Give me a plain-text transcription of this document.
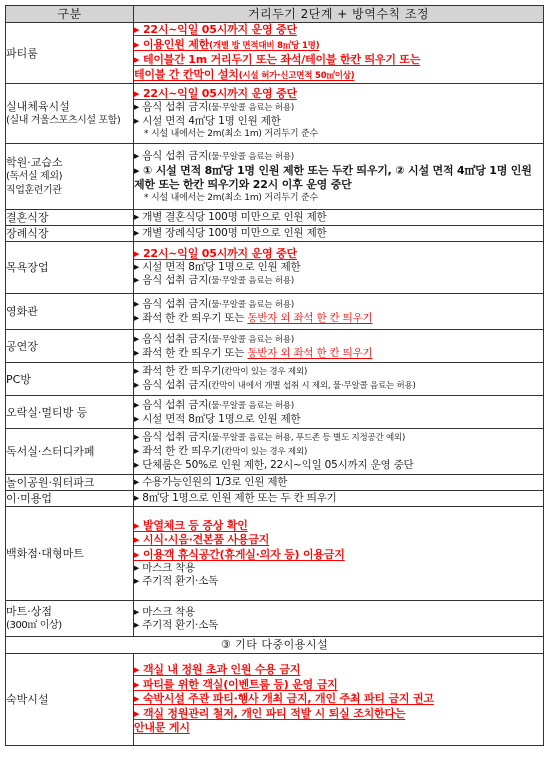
구분	거리두기 2단계 + 방역수칙 조정
파티룸	▸ 22시~익일 05시까지 운영 중단
▸ 이용인원 제한(개별 방 면적대비 8㎡당 1명)
▸ 테이블간 1m 거리두기 또는 좌석/테이블 한칸 띄우기 또는
테이블 간 칸막이 설치(시설 허가·신고면적 50㎡이상)

실내체육시설
(실내 겨울스포츠시설 포함)	▸ 22시~익일 05시까지 운영 중단
▸ 음식 섭취 금지(물·무알콜 음료는 허용)
▸ 시설 면적 4㎡당 1명 인원 제한
* 시설 내에서는 2m(최소 1m) 거리두기 준수

학원·교습소
(독서실 제외)
직업훈련기관	▸ 음식 섭취 금지(물·무알콜 음료는 허용)
▸ ① 시설 면적 8㎡당 1명 인원 제한 또는 두칸 띄우기, ② 시설 면적 4㎡당 1명 인원 제한 또는 한칸 띄우기와 22시 이후 운영 중단
* 시설 내에서는 2m(최소 1m) 거리두기 준수

결혼식장	▸ 개별 결혼식당 100명 미만으로 인원 제한

장례식장	▸ 개별 장례식당 100명 미만으로 인원 제한

목욕장업	▸ 22시~익일 05시까지 운영 중단
▸ 시설 면적 8㎡당 1명으로 인원 제한
▸ 음식 섭취 금지(물·무알콜 음료는 허용)

영화관	▸ 음식 섭취 금지(물·무알콜 음료는 허용)
▸ 좌석 한 칸 띄우기 또는 동반자 외 좌석 한 칸 띄우기

공연장	▸ 음식 섭취 금지(물·무알콜 음료는 허용)
▸ 좌석 한 칸 띄우기 또는 동반자 외 좌석 한 칸 띄우기

PC방	▸ 좌석 한 칸 띄우기(칸막이 있는 경우 제외)
▸ 음식 섭취 금지(칸막이 내에서 개별 섭취 시 제외, 물·무알콜 음료는 허용)

오락실·멀티방 등	▸ 음식 섭취 금지(물·무알콜 음료는 허용)
▸ 시설 면적 8㎡당 1명으로 인원 제한

독서실·스터디카페	▸ 음식 섭취 금지(물·무알콜 음료는 허용, 푸드존 등 별도 지정공간 예외)
▸ 좌석 한 칸 띄우기(칸막이 있는 경우 제외)
▸ 단체룸은 50%로 인원 제한, 22시~익일 05시까지 운영 중단

놀이공원·워터파크	▸ 수용가능인원의 1/3로 인원 제한

이·미용업	▸ 8㎡당 1명으로 인원 제한 또는 두 칸 띄우기

백화점·대형마트	▸ 발열체크 등 증상 확인
▸ 시식·시음·견본품 사용금지
▸ 이용객 휴식공간(휴게실·의자 등) 이용금지
▸ 마스크 착용
▸ 주기적 환기·소독

마트·상점
(300㎡ 이상)	▸ 마스크 착용
▸ 주기적 환기·소독

③ 기타 다중이용시설	
숙박시설	▸ 객실 내 정원 초과 인원 수용 금지
▸ 파티를 위한 객실(이벤트룸 등) 운영 금지
▸ 숙박시설 주관 파티·행사 개최 금지, 개인 주최 파티 금지 권고
▸ 객실 정원관리 철저, 개인 파티 적발 시 퇴실 조치한다는
안내문 게시
